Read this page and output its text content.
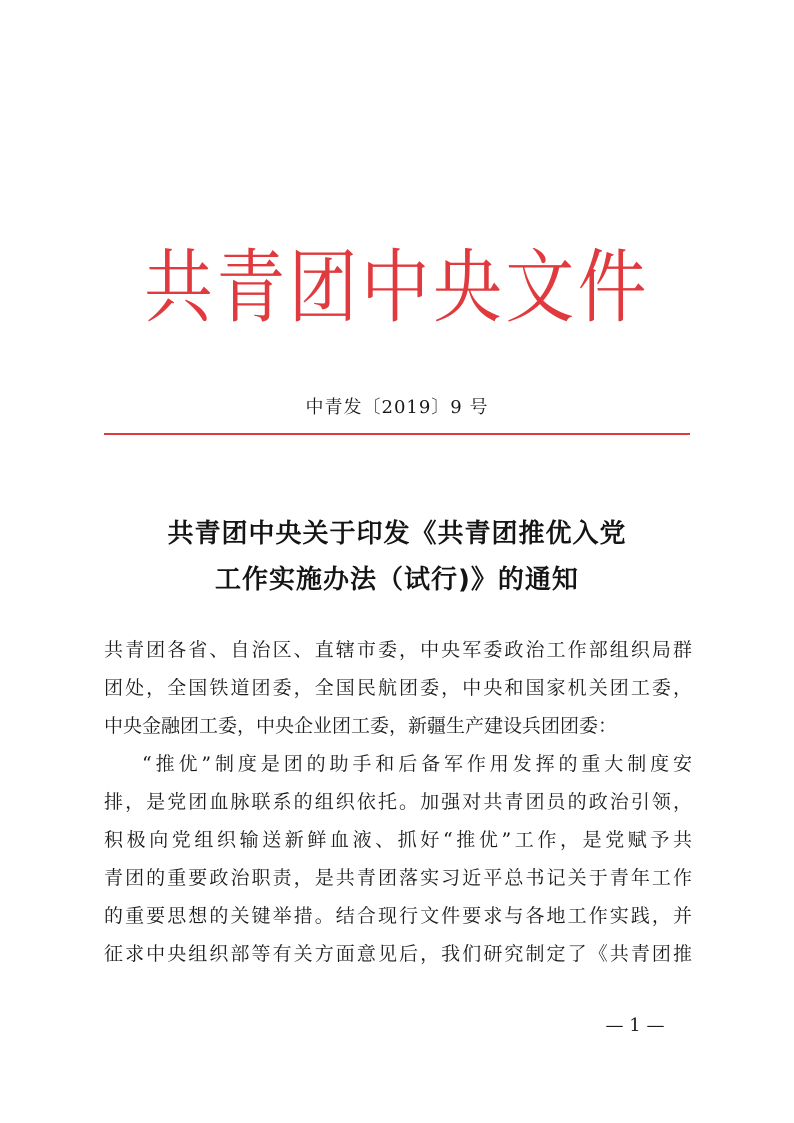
共青团中央文件
中青发〔2019〕9 号
共青团中央关于印发《共青团推优入党
工作实施办法（试行)》的通知
共青团各省、自治区、直辖市委，中央军委政治工作部组织局群
团处，全国铁道团委，全国民航团委，中央和国家机关团工委，
中央金融团工委，中央企业团工委，新疆生产建设兵团团委：
“推优”制度是团的助手和后备军作用发挥的重大制度安
排，是党团血脉联系的组织依托。加强对共青团员的政治引领，
积极向党组织输送新鲜血液、抓好“推优”工作，是党赋予共
青团的重要政治职责，是共青团落实习近平总书记关于青年工作
的重要思想的关键举措。结合现行文件要求与各地工作实践，并
征求中央组织部等有关方面意见后，我们研究制定了《共青团推
— 1 —
